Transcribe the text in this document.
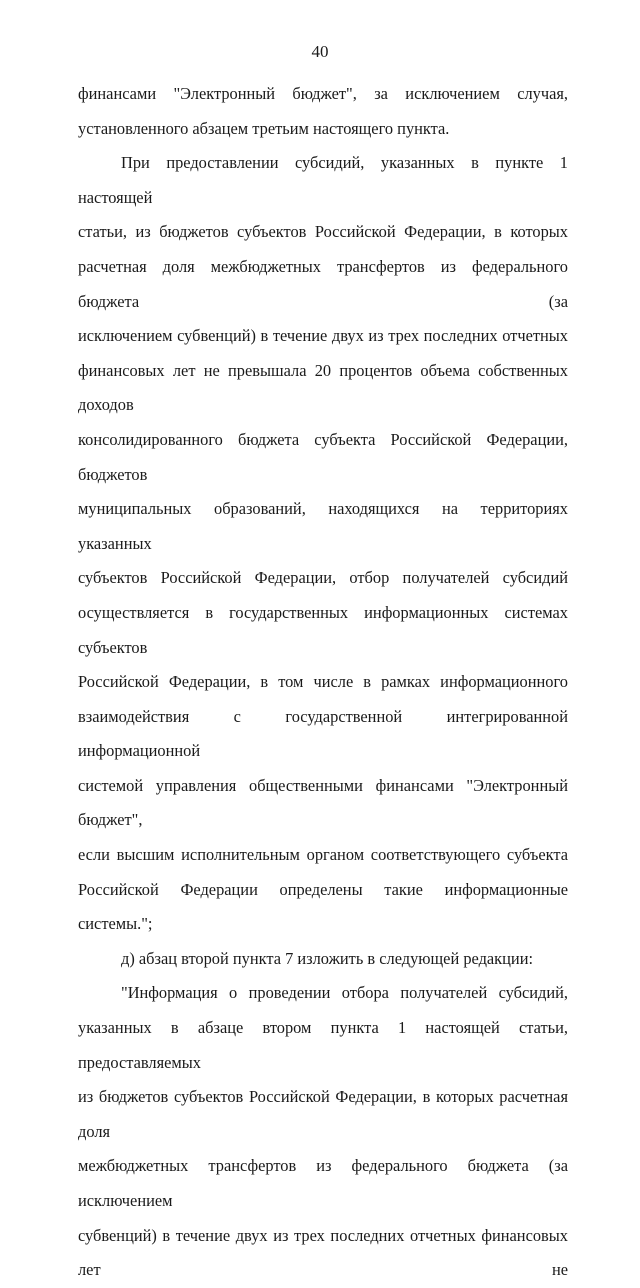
40
финансами "Электронный бюджет", за исключением случая,
установленного абзацем третьим настоящего пункта.
При предоставлении субсидий, указанных в пункте 1 настоящей
статьи, из бюджетов субъектов Российской Федерации, в которых
расчетная доля межбюджетных трансфертов из федерального бюджета (за
исключением субвенций) в течение двух из трех последних отчетных
финансовых лет не превышала 20 процентов объема собственных доходов
консолидированного бюджета субъекта Российской Федерации, бюджетов
муниципальных образований, находящихся на территориях указанных
субъектов Российской Федерации, отбор получателей субсидий
осуществляется в государственных информационных системах субъектов
Российской Федерации, в том числе в рамках информационного
взаимодействия с государственной интегрированной информационной
системой управления общественными финансами "Электронный бюджет",
если высшим исполнительным органом соответствующего субъекта
Российской Федерации определены такие информационные системы.";
д) абзац второй пункта 7 изложить в следующей редакции:
"Информация о проведении отбора получателей субсидий,
указанных в абзаце втором пункта 1 настоящей статьи, предоставляемых
из бюджетов субъектов Российской Федерации, в которых расчетная доля
межбюджетных трансфертов из федерального бюджета (за исключением
субвенций) в течение двух из трех последних отчетных финансовых лет не
